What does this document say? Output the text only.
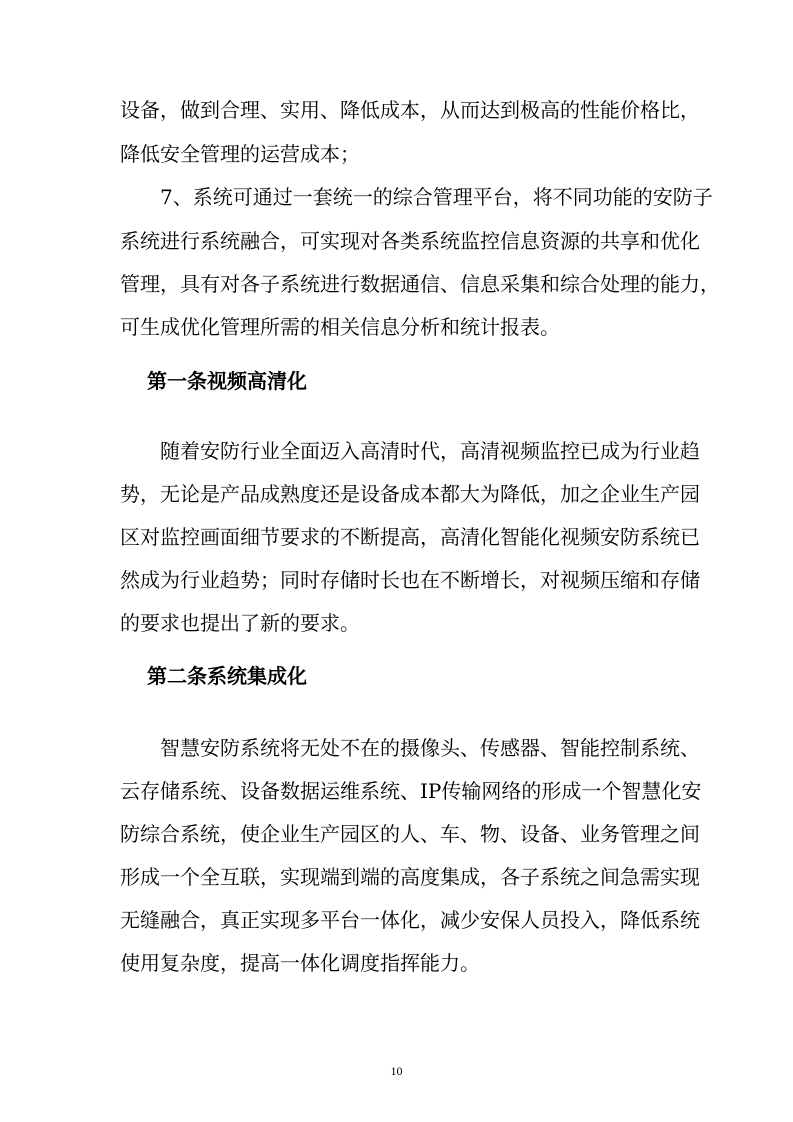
设备，做到合理、实用、降低成本，从而达到极高的性能价格比，
降低安全管理的运营成本；
7、系统可通过一套统一的综合管理平台，将不同功能的安防子
系统进行系统融合，可实现对各类系统监控信息资源的共享和优化
管理，具有对各子系统进行数据通信、信息采集和综合处理的能力，
可生成优化管理所需的相关信息分析和统计报表。
第一条视频高清化
随着安防行业全面迈入高清时代，高清视频监控已成为行业趋
势，无论是产品成熟度还是设备成本都大为降低，加之企业生产园
区对监控画面细节要求的不断提高，高清化智能化视频安防系统已
然成为行业趋势；同时存储时长也在不断增长，对视频压缩和存储
的要求也提出了新的要求。
第二条系统集成化
智慧安防系统将无处不在的摄像头、传感器、智能控制系统、
云存储系统、设备数据运维系统、IP传输网络的形成一个智慧化安
防综合系统，使企业生产园区的人、车、物、设备、业务管理之间
形成一个全互联，实现端到端的高度集成，各子系统之间急需实现
无缝融合，真正实现多平台一体化，减少安保人员投入，降低系统
使用复杂度，提高一体化调度指挥能力。
10
